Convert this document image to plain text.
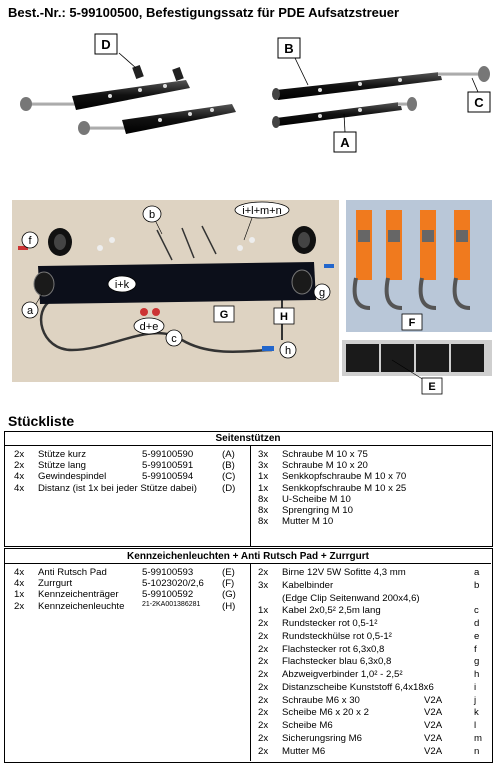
Best.-Nr.: 5-99100500, Befestigungssatz für PDE Aufsatzstreuer
D	B
C
A
b	i+l+m+n
f
i+k
a	G	H
g
d+e
c
h
F
E
Stückliste
Seitenstützen
2x Stütze kurz	5-99100590	(A)
2x Stütze lang	5-99100591	(B)
4x Gewindespindel	5-99100594	(C)
4x Distanz (ist 1x bei jeder Stütze dabei)	(D)
3x Schraube M 10 x 75
3x Schraube M 10 x 20
1x Senkkopfschraube M 10 x 70
1x Senkkopfschraube M 10 x 25
8x U-Scheibe M 10
8x Sprengring M 10
8x Mutter M 10
Kennzeichenleuchten + Anti Rutsch Pad + Zurrgurt
4x Anti Rutsch Pad	5-99100593	(E)
4x Zurrgurt	5-1023020/2,6 (F)
1x Kennzeichenträger 5-99100592	(G)
2x Kennzeichenleuchte	21-2KA001386281 (H)
2x Birne 12V 5W Sofitte 4,3 mm	a
3x Kabelbinder	b
(Edge Clip Seitenwand 200x4,6)
1x Kabel 2x0,5² 2,5m lang	c
2x Rundstecker rot 0,5-1²	d
2x Rundsteckhülse rot 0,5-1²	e
2x Flachstecker rot 6,3x0,8	f
2x Flachstecker blau 6,3x0,8	g
2x Abzweigverbinder 1,0² - 2,5²	h
2x Distanzscheibe Kunststoff 6,4x18x6	i
2x Schraube M6 x 30	V2A	j
2x Scheibe M6 x 20 x 2	V2A	k
2x Scheibe M6	V2A	l
2x Sicherungsring M6	V2A	m
2x Mutter M6	V2A	n
